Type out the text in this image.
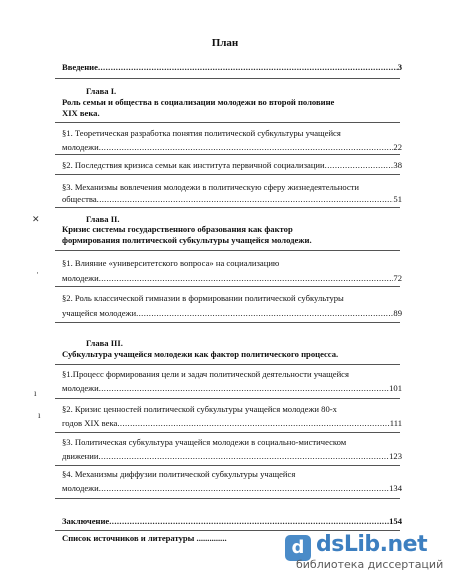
План
Введение .....	3
Глава I.
Роль семьи и общества в социализации молодежи во второй половине
XIX века.
§1. Теоретическая разработка понятия политической субкультуры учащейся
молодежи .....	22
§2. Последствия кризиса семьи как института первичной социализации .....	38
§3. Механизмы вовлечения молодежи в политическую сферу жизнедеятельности
общества .....	51
Глава II.
Кризис системы государственного образования как фактор
формирования политической субкультуры учащейся молодежи.
§1. Влияние «университетского вопроса» на социализацию
молодежи .....	72
§2. Роль классической гимназии в формировании политической субкультуры
учащейся молодежи .....	89
Глава III.
Субкультура учащейся молодежи как фактор политического процесса.
§1.Процесс формирования цели и задач политической деятельности учащейся
молодежи .....	101
§2. Кризис ценностей политической субкультуры учащейся молодежи 80-х
годов XIX века .....	111
§3. Политическая субкультура учащейся молодежи в социально-мистическом
движении .....	123
§4. Механизмы диффузии политической субкультуры учащейся
молодежи .....	134
Заключение .....	154
Список источников и литературы ..............
✕
·
ı
ı
d dsLib.net
библиотека диссертаций
